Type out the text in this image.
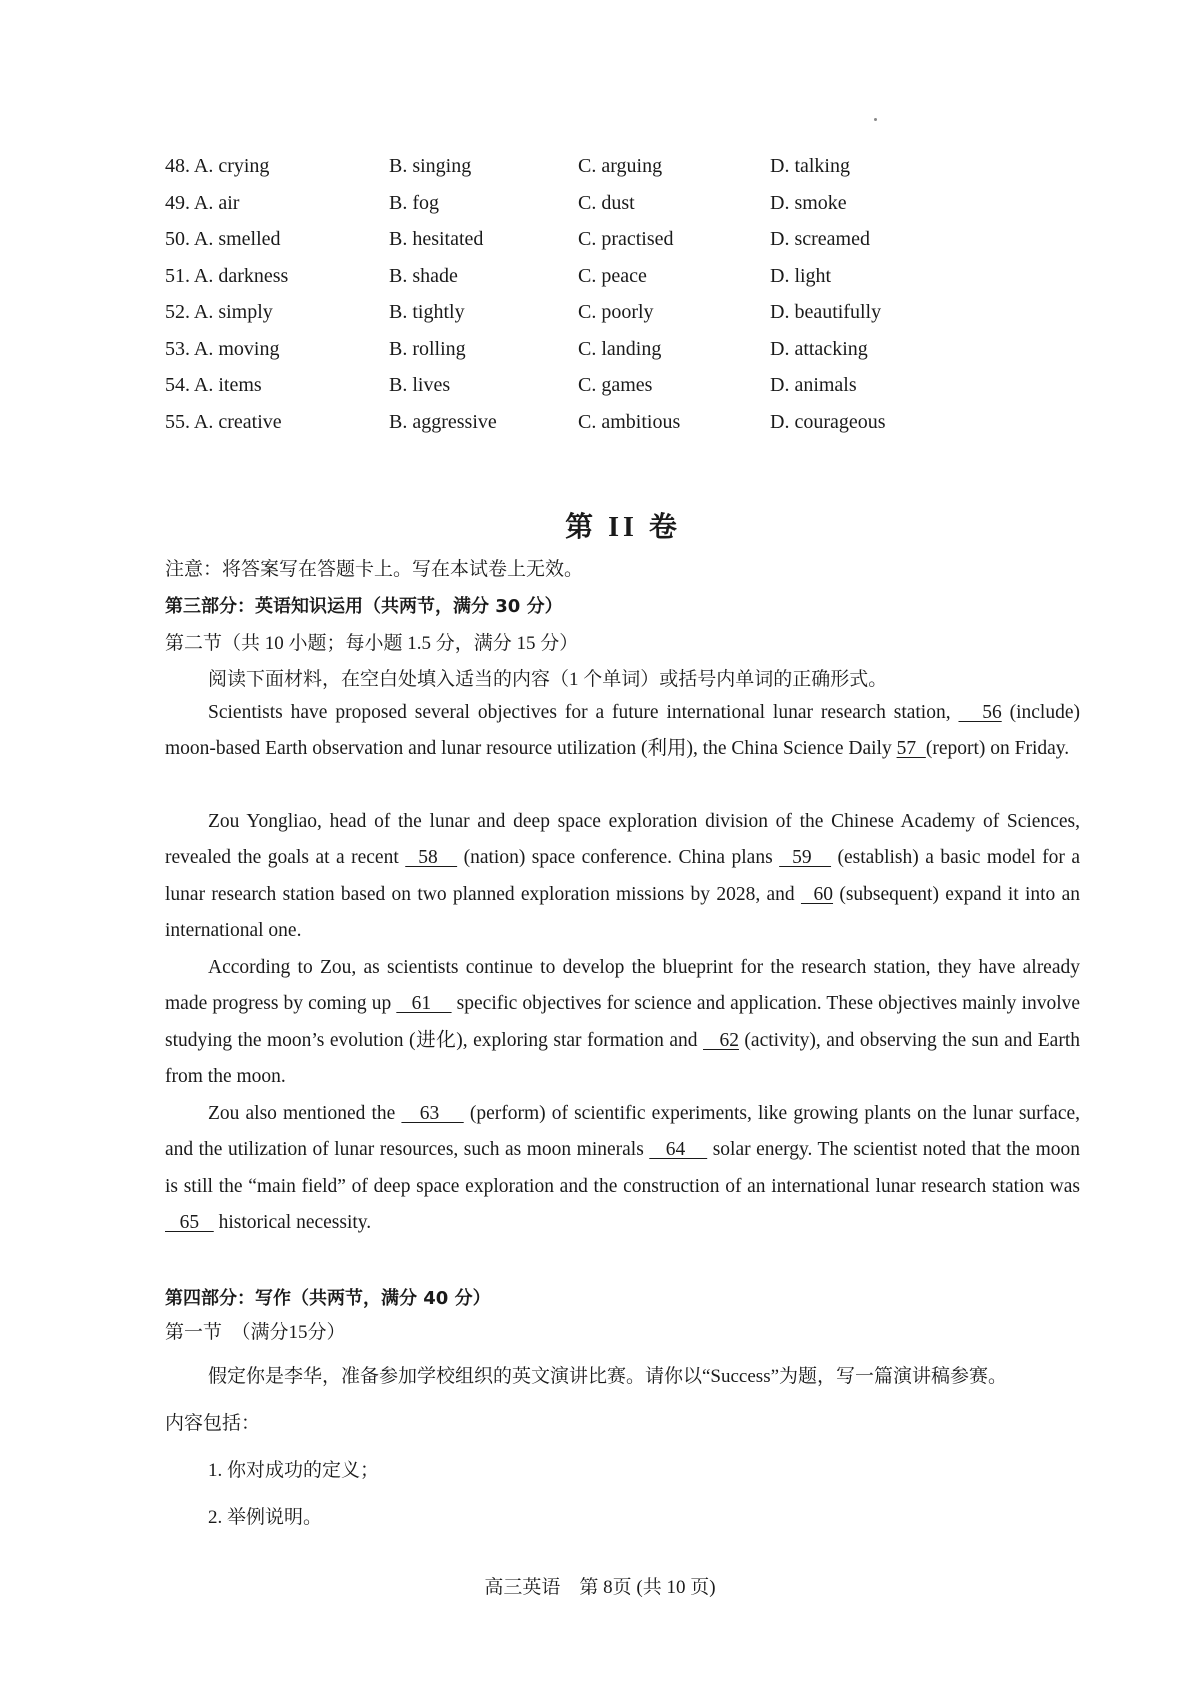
48. A. crying	B. singing	C. arguing	D. talking
49. A. air	B. fog	C. dust	D. smoke
50. A. smelled	B. hesitated	C. practised	D. screamed
51. A. darkness	B. shade	C. peace	D. light
52. A. simply	B. tightly	C. poorly	D. beautifully
53. A. moving	B. rolling	C. landing	D. attacking
54. A. items	B. lives	C. games	D. animals
55. A. creative	B. aggressive	C. ambitious	D. courageous
第 II 卷
注意：将答案写在答题卡上。写在本试卷上无效。
第三部分：英语知识运用（共两节，满分 30 分）
第二节（共 10 小题；每小题 1.5 分，满分 15 分）
阅读下面材料，在空白处填入适当的内容（1 个单词）或括号内单词的正确形式。
Scientists have proposed several objectives for a future international lunar research station,    56 (include) moon-based Earth observation and lunar resource utilization (利用), the China Science Daily 57  (report) on Friday.
Zou Yongliao, head of the lunar and deep space exploration division of the Chinese Academy of Sciences, revealed the goals at a recent   58    (nation) space conference. China plans   59    (establish) a basic model for a lunar research station based on two planned exploration missions by 2028, and   60 (subsequent) expand it into an international one.
According to Zou, as scientists continue to develop the blueprint for the research station, they have already made progress by coming up    61     specific objectives for science and application. These objectives mainly involve studying the moon’s evolution (进化), exploring star formation and    62 (activity), and observing the sun and Earth from the moon.
Zou also mentioned the    63     (perform) of scientific experiments, like growing plants on the lunar surface, and the utilization of lunar resources, such as moon minerals    64     solar energy. The scientist noted that the moon is still the “main field” of deep space exploration and the construction of an international lunar research station was    65    historical necessity.
第四部分：写作（共两节，满分 40 分）
第一节　（满分15分）
假定你是李华，准备参加学校组织的英文演讲比赛。请你以“Success”为题，写一篇演讲稿参赛。
内容包括：
1. 你对成功的定义；
2. 举例说明。
高三英语　第 8页 (共 10 页)
